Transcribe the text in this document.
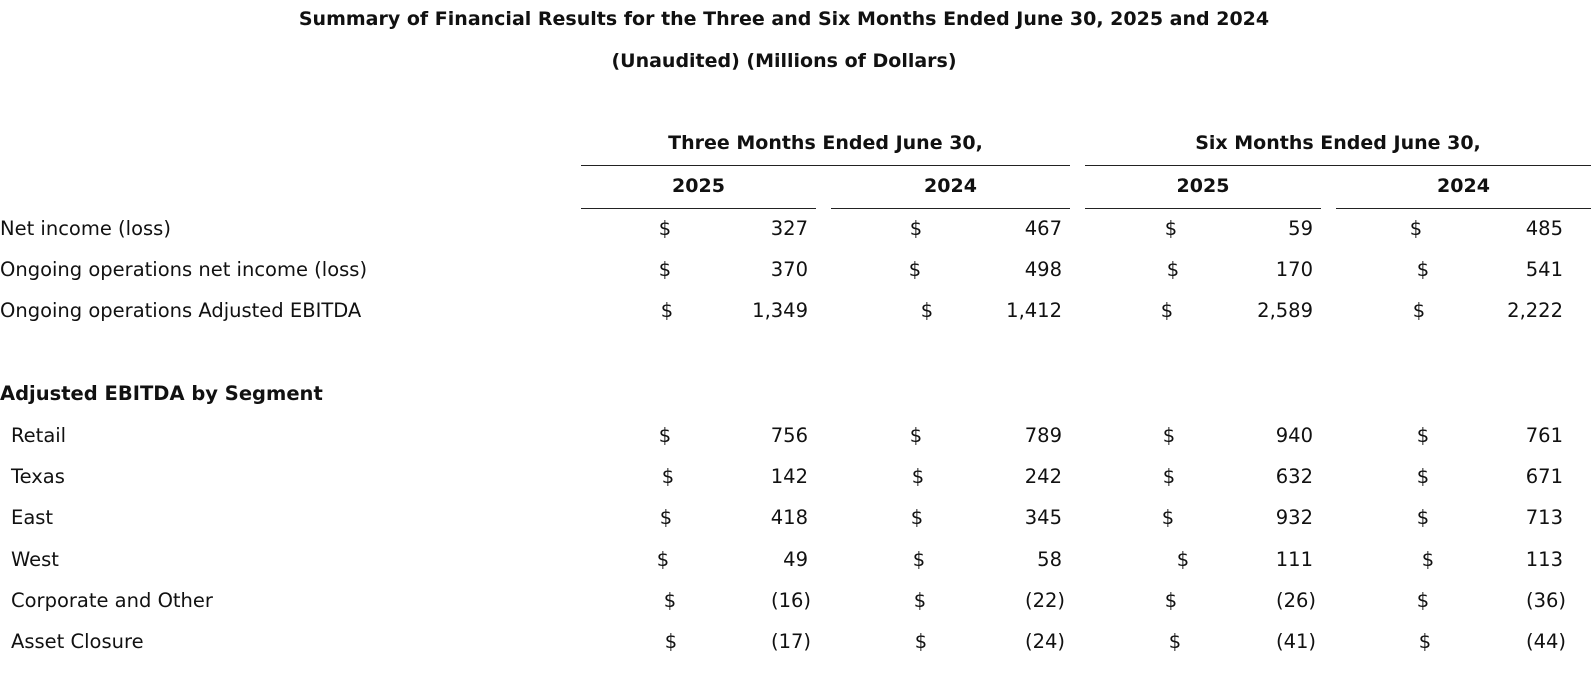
Summary of Financial Results for the Three and Six Months Ended June 30, 2025 and 2024
(Unaudited) (Millions of Dollars)
Three Months Ended June 30,	Six Months Ended June 30,
2025	2024	2025	2024
Net income (loss)	$	327	$	467	$	59	$	485
Ongoing operations net income (loss)	$	370	$	498	$	170	$	541
Ongoing operations Adjusted EBITDA	$	1,349	$	1,412	$	2,589	$	2,222
Adjusted EBITDA by Segment
Retail	$	756	$	789	$	940	$	761
Texas	$	142	$	242	$	632	$	671
East	$	418	$	345	$	932	$	713
West	$	49	$	58	$	111	$	113
Corporate and Other	$	(16)	$	(22)	$	(26)	$	(36)
Asset Closure	$	(17)	$	(24)	$	(41)	$	(44)
